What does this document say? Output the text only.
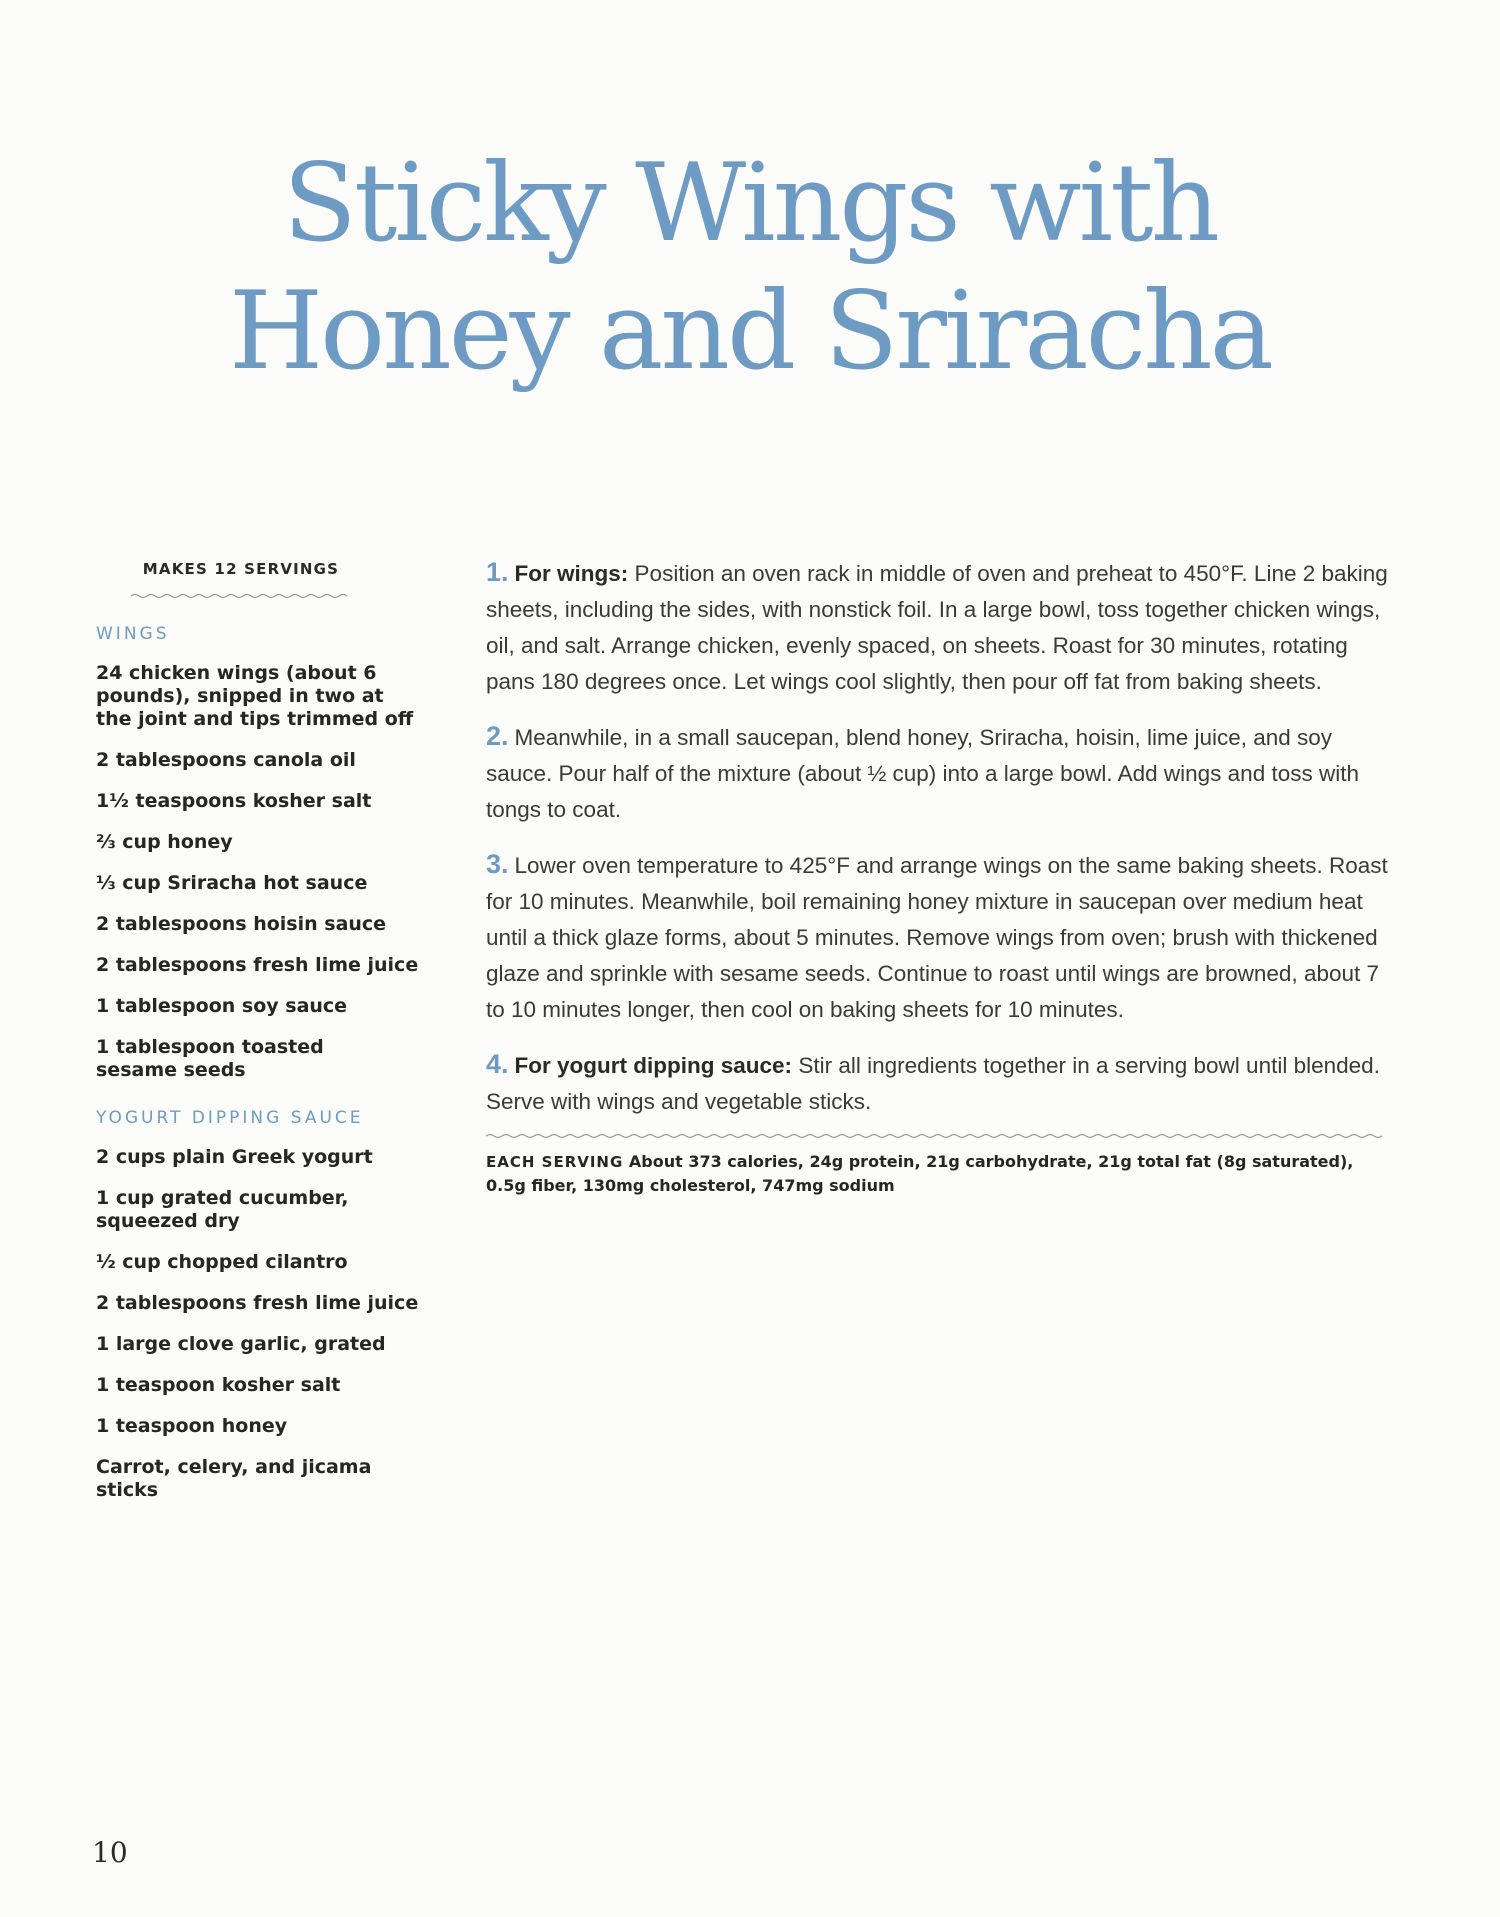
Sticky Wings with
Honey and Sriracha
MAKES 12 SERVINGS
WINGS
24 chicken wings (about 6 pounds), snipped in two at the joint and tips trimmed off
2 tablespoons canola oil
1½ teaspoons kosher salt
⅔ cup honey
⅓ cup Sriracha hot sauce
2 tablespoons hoisin sauce
2 tablespoons fresh lime juice
1 tablespoon soy sauce
1 tablespoon toasted sesame seeds
YOGURT DIPPING SAUCE
2 cups plain Greek yogurt
1 cup grated cucumber, squeezed dry
½ cup chopped cilantro
2 tablespoons fresh lime juice
1 large clove garlic, grated
1 teaspoon kosher salt
1 teaspoon honey
Carrot, celery, and jicama sticks
1. For wings: Position an oven rack in middle of oven and preheat to 450°F. Line 2 baking sheets, including the sides, with nonstick foil. In a large bowl, toss together chicken wings, oil, and salt. Arrange chicken, evenly spaced, on sheets. Roast for 30 minutes, rotating pans 180 degrees once. Let wings cool slightly, then pour off fat from baking sheets.
2. Meanwhile, in a small saucepan, blend honey, Sriracha, hoisin, lime juice, and soy sauce. Pour half of the mixture (about ½ cup) into a large bowl. Add wings and toss with tongs to coat.
3. Lower oven temperature to 425°F and arrange wings on the same baking sheets. Roast for 10 minutes. Meanwhile, boil remaining honey mixture in saucepan over medium heat until a thick glaze forms, about 5 minutes. Remove wings from oven; brush with thickened glaze and sprinkle with sesame seeds. Continue to roast until wings are browned, about 7 to 10 minutes longer, then cool on baking sheets for 10 minutes.
4. For yogurt dipping sauce: Stir all ingredients together in a serving bowl until blended. Serve with wings and vegetable sticks.
EACH SERVING About 373 calories, 24g protein, 21g carbohydrate, 21g total fat (8g saturated), 0.5g fiber, 130mg cholesterol, 747mg sodium
10
